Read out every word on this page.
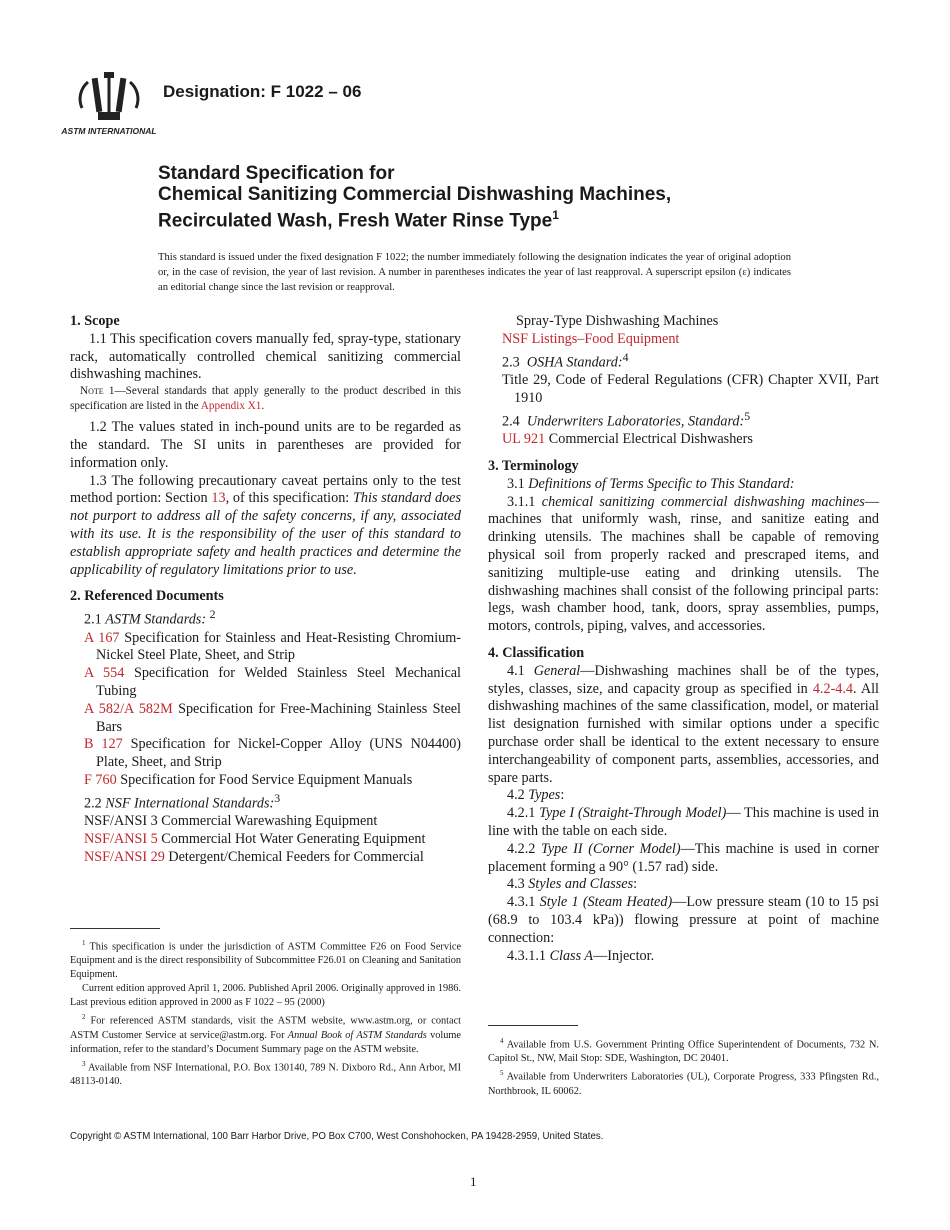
ASTM INTERNATIONAL
Designation: F 1022 – 06
Standard Specification for
Chemical Sanitizing Commercial Dishwashing Machines,
Recirculated Wash, Fresh Water Rinse Type$^1$
This standard is issued under the fixed designation F 1022; the number immediately following the designation indicates the year of original adoption or, in the case of revision, the year of last revision. A number in parentheses indicates the year of last reapproval. A superscript epsilon (ε) indicates an editorial change since the last revision or reapproval.

1. Scope

1.1 This specification covers manually fed, spray-type, stationary rack, automatically controlled chemical sanitizing commercial dishwashing machines.

Note 1—Several standards that apply generally to the product described in this specification are listed in the Appendix X1.

1.2 The values stated in inch-pound units are to be regarded as the standard. The SI units in parentheses are provided for information only.

1.3 The following precautionary caveat pertains only to the test method portion: Section 13, of this specification: This standard does not purport to address all of the safety concerns, if any, associated with its use. It is the responsibility of the user of this standard to establish appropriate safety and health practices and determine the applicability of regulatory limitations prior to use.

2. Referenced Documents

2.1 ASTM Standards: $^2$

A 167 Specification for Stainless and Heat-Resisting Chromium-Nickel Steel Plate, Sheet, and Strip

A 554 Specification for Welded Stainless Steel Mechanical Tubing

A 582/A 582M Specification for Free-Machining Stainless Steel Bars

B 127 Specification for Nickel-Copper Alloy (UNS N04400) Plate, Sheet, and Strip

F 760 Specification for Food Service Equipment Manuals

2.2 NSF International Standards:$^3$

NSF/ANSI 3 Commercial Warewashing Equipment

NSF/ANSI 5 Commercial Hot Water Generating Equipment

NSF/ANSI 29 Detergent/Chemical Feeders for Commercial

$^1$ This specification is under the jurisdiction of ASTM Committee F26 on Food Service Equipment and is the direct responsibility of Subcommittee F26.01 on Cleaning and Sanitation Equipment.

Current edition approved April 1, 2006. Published April 2006. Originally approved in 1986. Last previous edition approved in 2000 as F 1022 – 95 (2000)

$^2$ For referenced ASTM standards, visit the ASTM website, www.astm.org, or contact ASTM Customer Service at service@astm.org. For Annual Book of ASTM Standards volume information, refer to the standard’s Document Summary page on the ASTM website.

$^3$ Available from NSF International, P.O. Box 130140, 789 N. Dixboro Rd., Ann Arbor, MI 48113-0140.

Spray-Type Dishwashing Machines

NSF Listings–Food Equipment

2.3 OSHA Standard:$^4$

Title 29, Code of Federal Regulations (CFR) Chapter XVII, Part 1910

2.4 Underwriters Laboratories, Standard:$^5$

UL 921 Commercial Electrical Dishwashers

3. Terminology

3.1 Definitions of Terms Specific to This Standard:

3.1.1 chemical sanitizing commercial dishwashing machines—machines that uniformly wash, rinse, and sanitize eating and drinking utensils. The machines shall be capable of removing physical soil from properly racked and prescraped items, and sanitizing multiple-use eating and drinking utensils. The dishwashing machines shall consist of the following principal parts: legs, wash chamber hood, tank, doors, spray assemblies, pumps, motors, controls, piping, valves, and accessories.

4. Classification

4.1 General—Dishwashing machines shall be of the types, styles, classes, size, and capacity group as specified in 4.2-4.4. All dishwashing machines of the same classification, model, or material list designation furnished with similar options under a specific purchase order shall be identical to the extent necessary to ensure interchangeability of component parts, assemblies, accessories, and spare parts.

4.2 Types:

4.2.1 Type I (Straight-Through Model)— This machine is used in line with the table on each side.

4.2.2 Type II (Corner Model)—This machine is used in corner placement forming a 90° (1.57 rad) side.

4.3 Styles and Classes:

4.3.1 Style 1 (Steam Heated)—Low pressure steam (10 to 15 psi (68.9 to 103.4 kPa)) flowing pressure at point of machine connection:

4.3.1.1 Class A—Injector.

$^4$ Available from U.S. Government Printing Office Superintendent of Documents, 732 N. Capitol St., NW, Mail Stop: SDE, Washington, DC 20401.

$^5$ Available from Underwriters Laboratories (UL), Corporate Progress, 333 Pfingsten Rd., Northbrook, IL 60062.

Copyright © ASTM International, 100 Barr Harbor Drive, PO Box C700, West Conshohocken, PA 19428-2959, United States.
1
